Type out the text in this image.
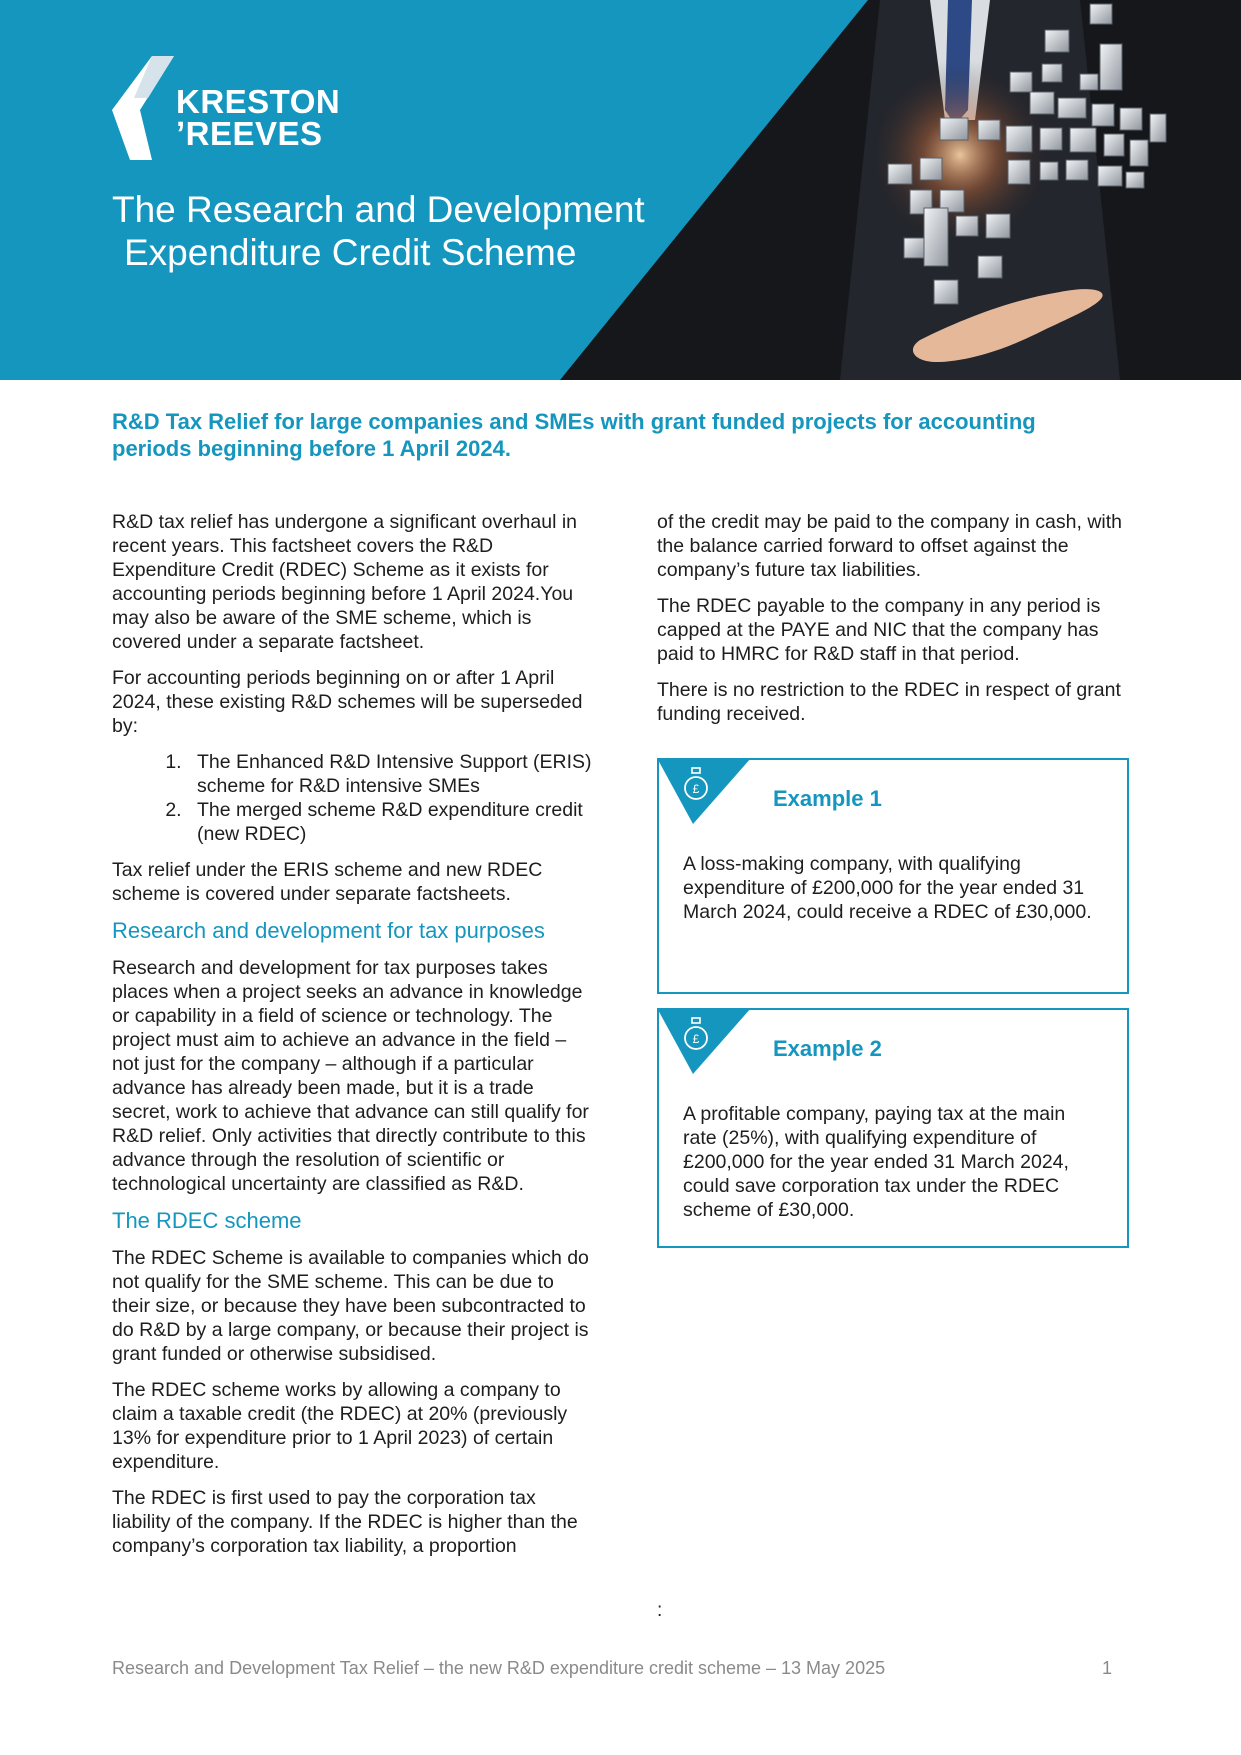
KRESTON
ʼREEVES
The Research and Development
Expenditure Credit Scheme
R&D Tax Relief for large companies and SMEs with grant funded projects for accounting periods beginning before 1 April 2024.

R&D tax relief has undergone a significant overhaul in recent years. This factsheet covers the R&D Expenditure Credit (RDEC) Scheme as it exists for accounting periods beginning before 1 April 2024.You may also be aware of the SME scheme, which is covered under a separate factsheet.

For accounting periods beginning on or after 1 April 2024, these existing R&D schemes will be superseded by:

1. The Enhanced R&D Intensive Support (ERIS) scheme for R&D intensive SMEs
2. The merged scheme R&D expenditure credit (new RDEC)

Tax relief under the ERIS scheme and new RDEC scheme is covered under separate factsheets.

Research and development for tax purposes

Research and development for tax purposes takes places when a project seeks an advance in knowledge or capability in a field of science or technology. The project must aim to achieve an advance in the field – not just for the company – although if a particular advance has already been made, but it is a trade secret, work to achieve that advance can still qualify for R&D relief. Only activities that directly contribute to this advance through the resolution of scientific or technological uncertainty are classified as R&D.

The RDEC scheme

The RDEC Scheme is available to companies which do not qualify for the SME scheme. This can be due to their size, or because they have been subcontracted to do R&D by a large company, or because their project is grant funded or otherwise subsidised.

The RDEC scheme works by allowing a company to claim a taxable credit (the RDEC) at 20% (previously 13% for expenditure prior to 1 April 2023) of certain expenditure.

The RDEC is first used to pay the corporation tax liability of the company. If the RDEC is higher than the company’s corporation tax liability, a proportion

of the credit may be paid to the company in cash, with the balance carried forward to offset against the company’s future tax liabilities.

The RDEC payable to the company in any period is capped at the PAYE and NIC that the company has paid to HMRC for R&D staff in that period.

There is no restriction to the RDEC in respect of grant funding received.

£	Example 1
A loss-making company, with qualifying expenditure of £200,000 for the year ended 31 March 2024, could receive a RDEC of £30,000.
£	Example 2
A profitable company, paying tax at the main rate (25%), with qualifying expenditure of £200,000 for the year ended 31 March 2024, could save corporation tax under the RDEC scheme of £30,000.
:
Research and Development Tax Relief – the new R&D expenditure credit scheme – 13 May 2025	1
